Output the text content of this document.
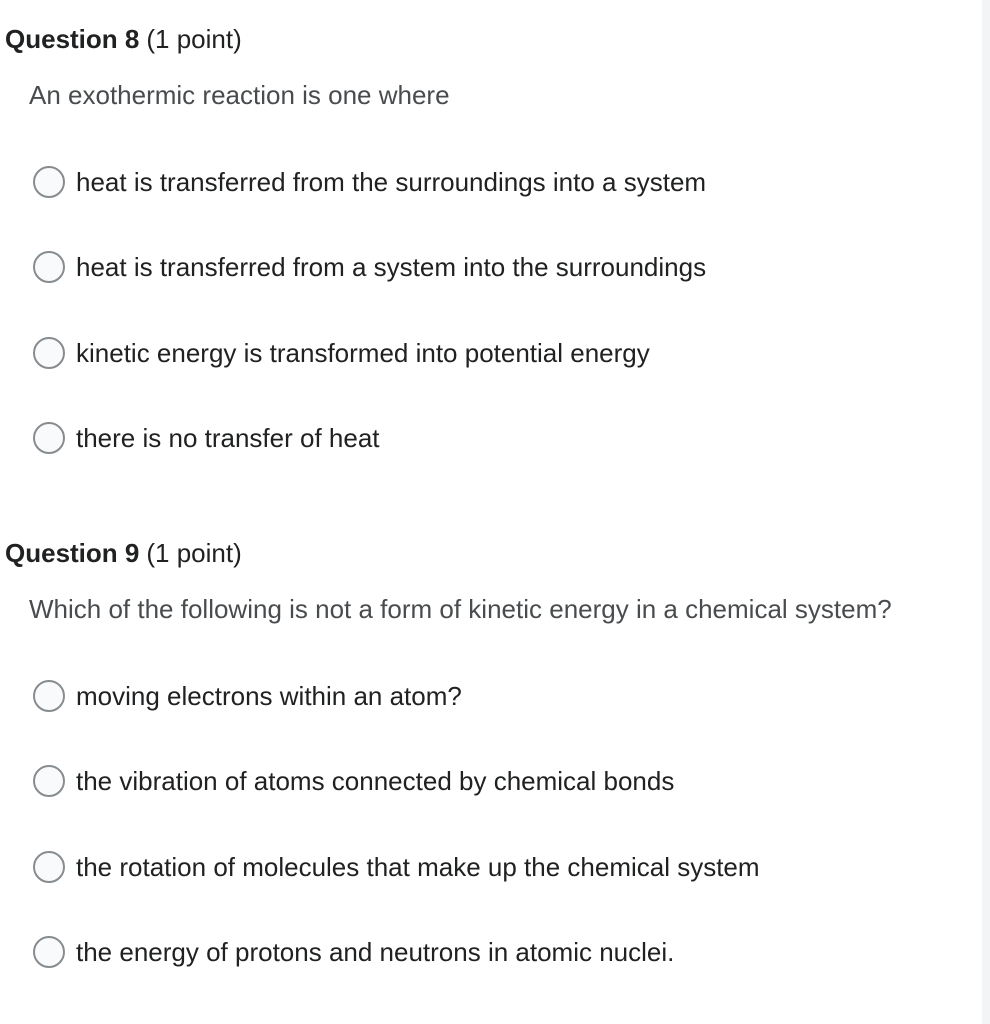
Question 8 (1 point)
An exothermic reaction is one where
heat is transferred from the surroundings into a system
heat is transferred from a system into the surroundings
kinetic energy is transformed into potential energy
there is no transfer of heat
Question 9 (1 point)
Which of the following is not a form of kinetic energy in a chemical system?
moving electrons within an atom?
the vibration of atoms connected by chemical bonds
the rotation of molecules that make up the chemical system
the energy of protons and neutrons in atomic nuclei.
